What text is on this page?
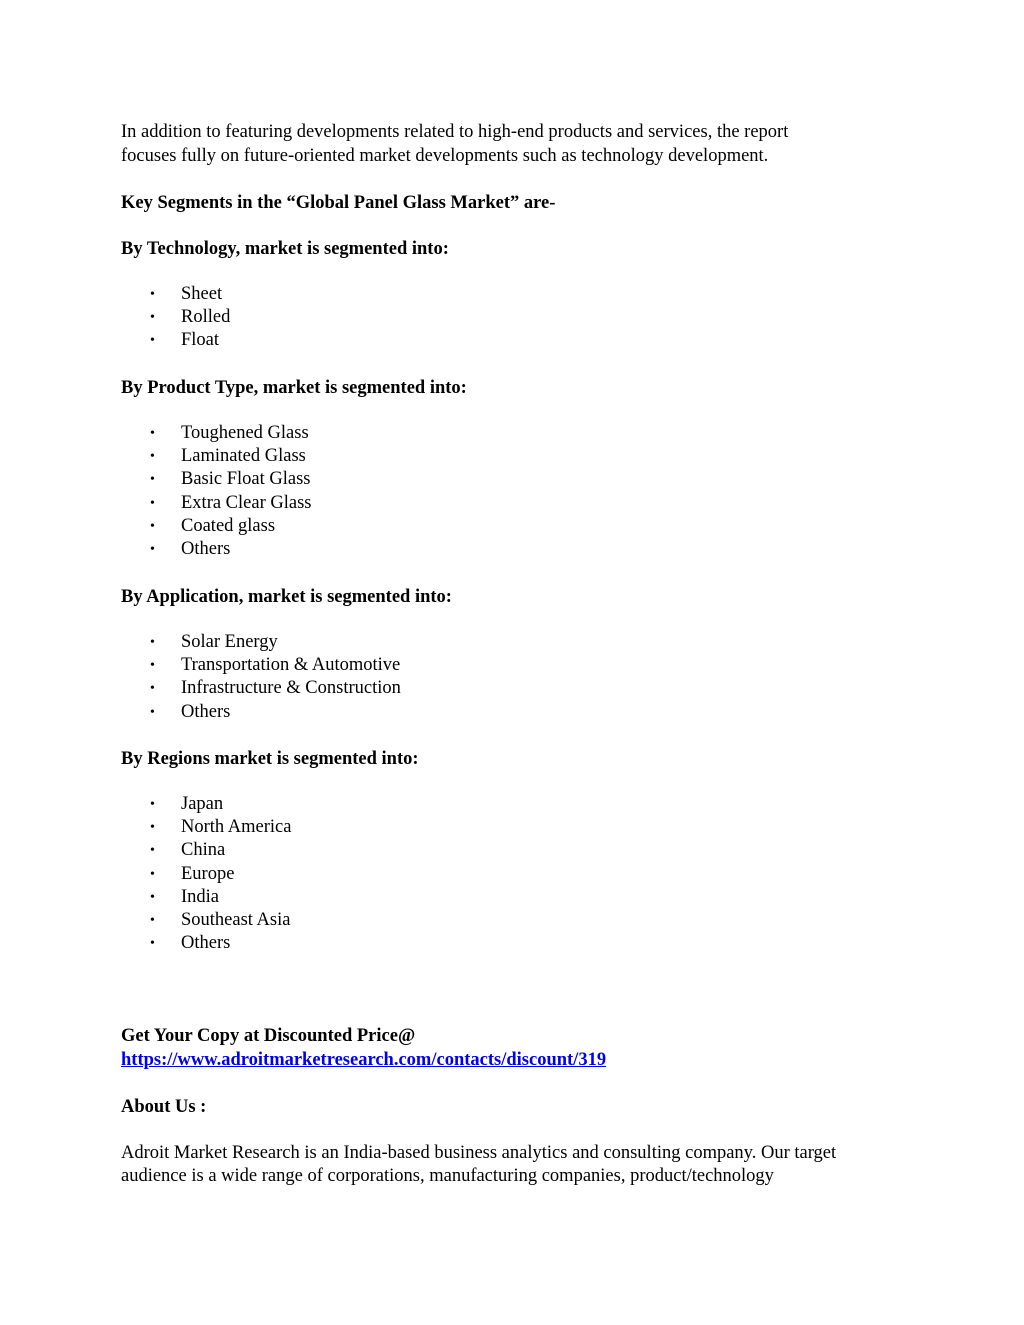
In addition to featuring developments related to high-end products and services, the report
focuses fully on future-oriented market developments such as technology development.
Key Segments in the “Global Panel Glass Market” are-
By Technology, market is segmented into:
• Sheet
• Rolled
• Float
By Product Type, market is segmented into:
• Toughened Glass
• Laminated Glass
• Basic Float Glass
• Extra Clear Glass
• Coated glass
• Others
By Application, market is segmented into:
• Solar Energy
• Transportation & Automotive
• Infrastructure & Construction
• Others
By Regions market is segmented into:
• Japan
• North America
• China
• Europe
• India
• Southeast Asia
• Others
Get Your Copy at Discounted Price@
https://www.adroitmarketresearch.com/contacts/discount/319
About Us :
Adroit Market Research is an India-based business analytics and consulting company. Our target
audience is a wide range of corporations, manufacturing companies, product/technology
